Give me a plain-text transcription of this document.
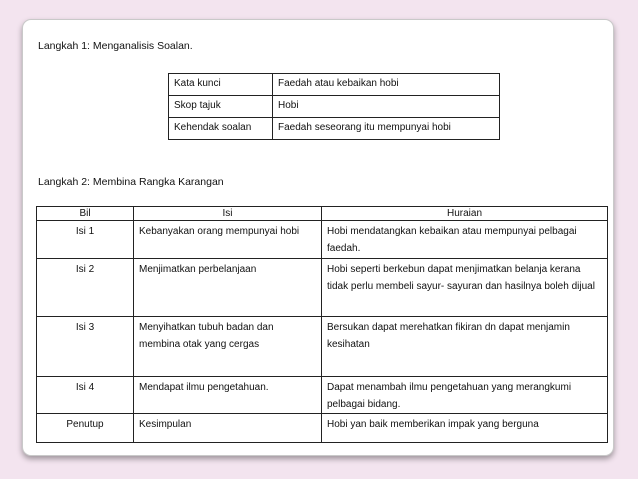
Langkah 1: Menganalisis Soalan.
Kata kunci	Faedah atau kebaikan hobi
Skop tajuk	Hobi
Kehendak soalan	Faedah seseorang itu mempunyai hobi
Langkah 2: Membina Rangka Karangan
Bil	Isi	Huraian
Isi 1	Kebanyakan orang mempunyai hobi	Hobi mendatangkan kebaikan atau mempunyai pelbagai faedah.
Isi 2	Menjimatkan perbelanjaan	Hobi seperti berkebun dapat menjimatkan belanja kerana tidak perlu membeli sayur- sayuran dan hasilnya boleh dijual
Isi 3	Menyihatkan tubuh badan dan membina otak yang cergas	Bersukan dapat merehatkan fikiran dn dapat menjamin kesihatan
Isi 4	Mendapat ilmu pengetahuan.	Dapat menambah ilmu pengetahuan yang merangkumi pelbagai bidang.
Penutup	Kesimpulan	Hobi yan baik memberikan impak yang berguna
